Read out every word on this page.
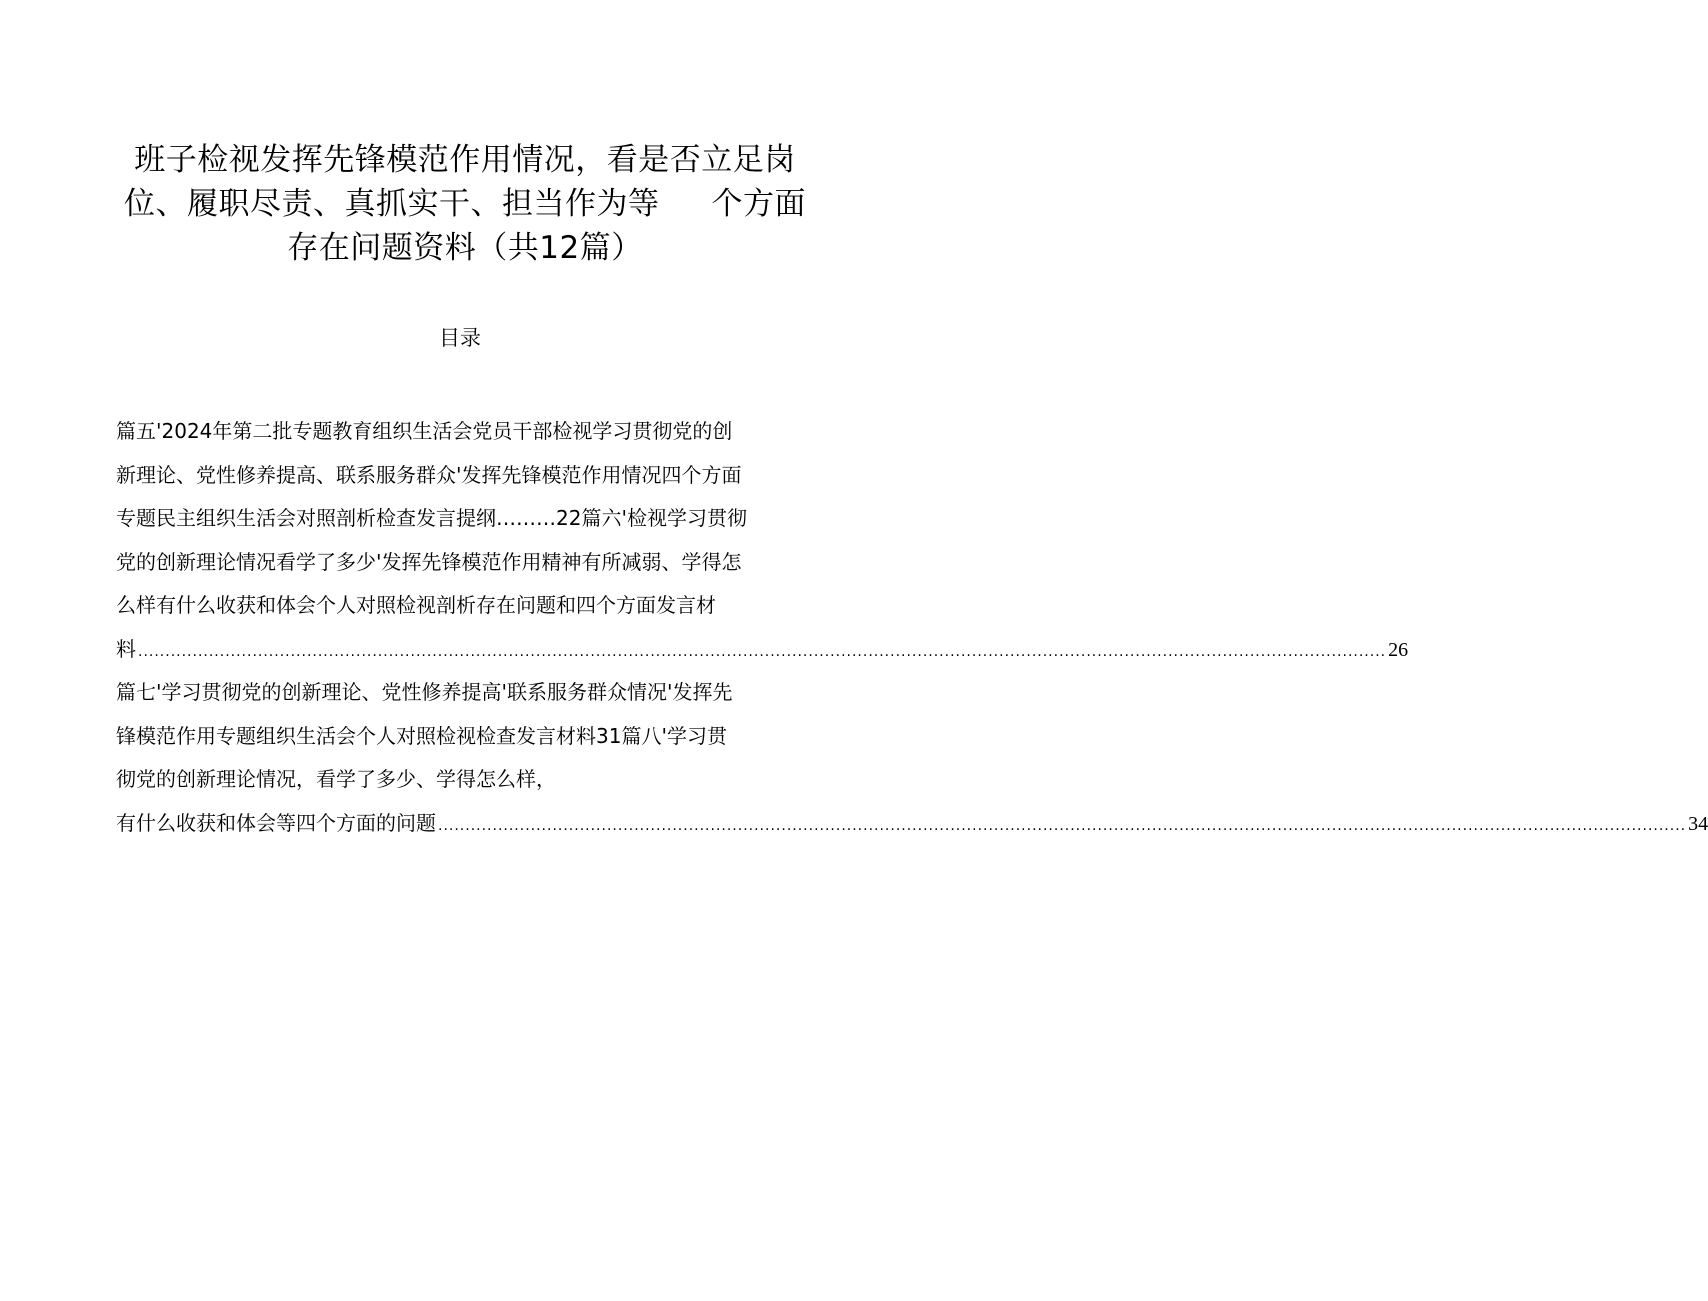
班子检视发挥先锋模范作用情况，看是否立足岗
位、履职尽责、真抓实干、担当作为等 个方面
存在问题资料（共12篇）
目录
篇五'2024年第二批专题教育组织生活会党员干部检视学习贯彻党的创
新理论、党性修养提高、联系服务群众'发挥先锋模范作用情况四个方面
专题民主组织生活会对照剖析检查发言提纲………22篇六'检视学习贯彻
党的创新理论情况看学了多少'发挥先锋模范作用精神有所减弱、学得怎
么样有什么收获和体会个人对照检视剖析存在问题和四个方面发言材
料 ..................................................................................................................................................................................................................................... 26
篇七'学习贯彻党的创新理论、党性修养提高'联系服务群众情况'发挥先
锋模范作用专题组织生活会个人对照检视检查发言材料31篇八'学习贯
彻党的创新理论情况，看学了多少、学得怎么样，
有什么收获和体会等四个方面的问题 ..................................................................................................................................................................................................................................... 34
